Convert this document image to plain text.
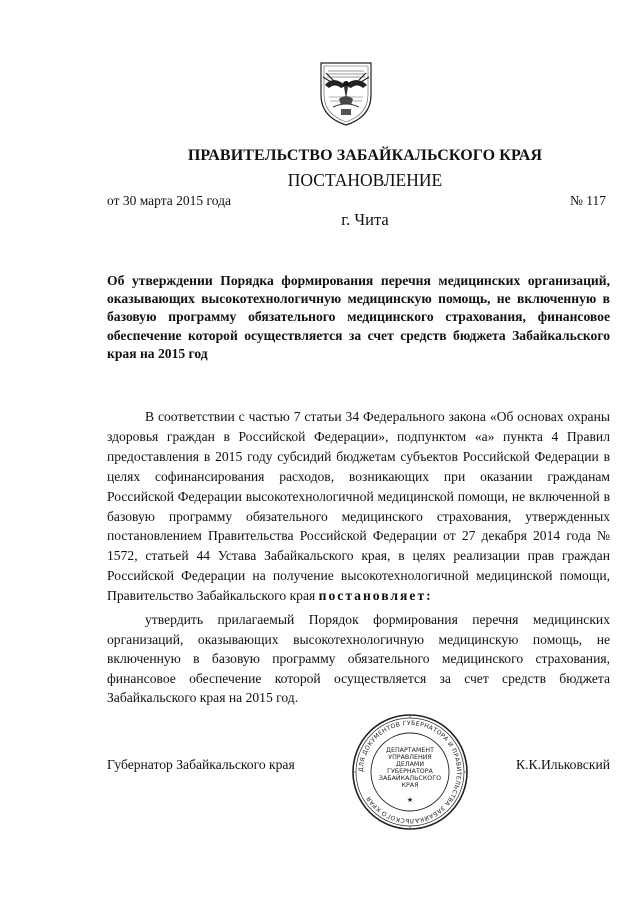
ПРАВИТЕЛЬСТВО ЗАБАЙКАЛЬСКОГО КРАЯ
ПОСТАНОВЛЕНИЕ
от 30 марта 2015 года	№ 117
г. Чита
Об утверждении Порядка формирования перечня медицинских организаций, оказывающих высокотехнологичную медицинскую помощь, не включенную в базовую программу обязательного медицинского страхования, финансовое обеспечение которой осуществляется за счет средств бюджета Забайкальского края на 2015 год
В соответствии с частью 7 статьи 34 Федерального закона «Об основах охраны здоровья граждан в Российской Федерации», подпунктом «а» пункта 4 Правил предоставления в 2015 году субсидий бюджетам субъектов Российской Федерации в целях софинансирования расходов, возникающих при оказании гражданам Российской Федерации высокотехнологичной медицинской помощи, не включенной в базовую программу обязательного медицинского страхования, утвержденных постановлением Правительства Российской Федерации от 27 декабря 2014 года № 1572, статьей 44 Устава Забайкальского края, в целях реализации прав граждан Российской Федерации на получение высокотехнологичной медицинской помощи, Правительство Забайкальского края постановляет:
утвердить прилагаемый Порядок формирования перечня медицинских организаций, оказывающих высокотехнологичную медицинскую помощь, не включенную в базовую программу обязательного медицинского страхования, финансовое обеспечение которой осуществляется за счет средств бюджета Забайкальского края на 2015 год.
Губернатор Забайкальского края	К.К.Ильковский
ДЛЯ ДОКУМЕНТОВ ГУБЕРНАТОРА И ПРАВИТЕЛЬСТВА ЗАБАЙКАЛЬСКОГО КРАЯ
ДЕПАРТАМЕНТ
УПРАВЛЕНИЯ
ДЕЛАМИ
ГУБЕРНАТОРА
ЗАБАЙКАЛЬСКОГО
КРАЯ
★
